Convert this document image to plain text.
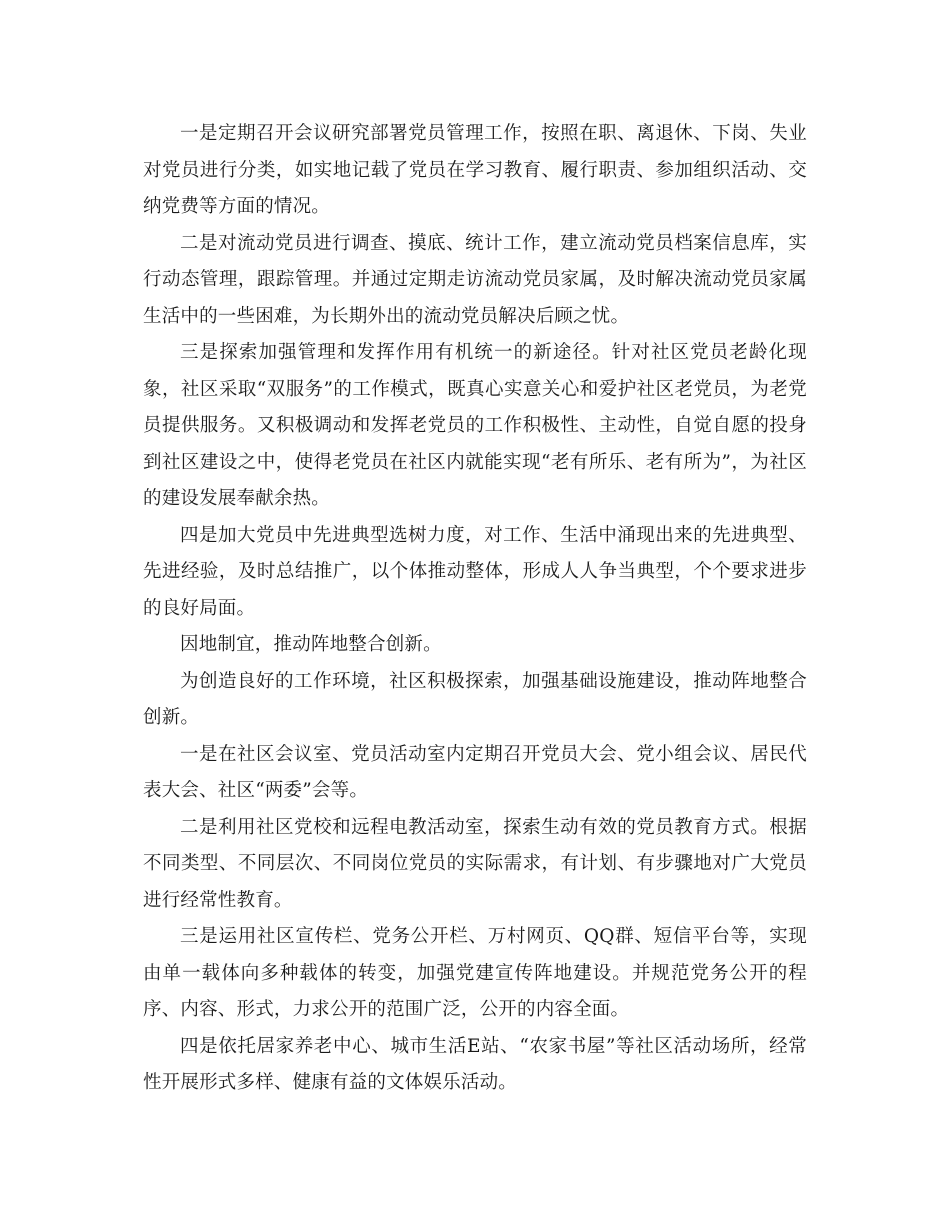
一是定期召开会议研究部署党员管理工作，按照在职、离退休、下岗、失业对党员进行分类，如实地记载了党员在学习教育、履行职责、参加组织活动、交纳党费等方面的情况。

二是对流动党员进行调查、摸底、统计工作，建立流动党员档案信息库，实行动态管理，跟踪管理。并通过定期走访流动党员家属，及时解决流动党员家属生活中的一些困难，为长期外出的流动党员解决后顾之忧。

三是探索加强管理和发挥作用有机统一的新途径。针对社区党员老龄化现象，社区采取“双服务”的工作模式，既真心实意关心和爱护社区老党员，为老党员提供服务。又积极调动和发挥老党员的工作积极性、主动性，自觉自愿的投身到社区建设之中，使得老党员在社区内就能实现“老有所乐、老有所为”，为社区的建设发展奉献余热。

四是加大党员中先进典型选树力度，对工作、生活中涌现出来的先进典型、先进经验，及时总结推广，以个体推动整体，形成人人争当典型，个个要求进步的良好局面。

因地制宜，推动阵地整合创新。

为创造良好的工作环境，社区积极探索，加强基础设施建设，推动阵地整合创新。

一是在社区会议室、党员活动室内定期召开党员大会、党小组会议、居民代表大会、社区“两委”会等。

二是利用社区党校和远程电教活动室，探索生动有效的党员教育方式。根据不同类型、不同层次、不同岗位党员的实际需求，有计划、有步骤地对广大党员进行经常性教育。

三是运用社区宣传栏、党务公开栏、万村网页、QQ群、短信平台等，实现由单一载体向多种载体的转变，加强党建宣传阵地建设。并规范党务公开的程序、内容、形式，力求公开的范围广泛，公开的内容全面。

四是依托居家养老中心、城市生活E站、“农家书屋”等社区活动场所，经常性开展形式多样、健康有益的文体娱乐活动。
